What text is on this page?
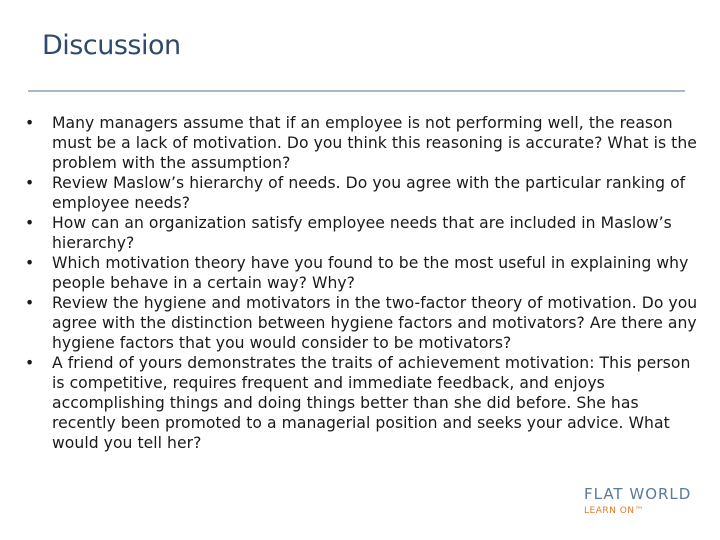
Discussion
• Many managers assume that if an employee is not performing well, the reason must be a lack of motivation. Do you think this reasoning is accurate? What is the problem with the assumption?
• Review Maslow’s hierarchy of needs. Do you agree with the particular ranking of employee needs?
• How can an organization satisfy employee needs that are included in Maslow’s hierarchy?
• Which motivation theory have you found to be the most useful in explaining why people behave in a certain way? Why?
• Review the hygiene and motivators in the two-factor theory of motivation. Do you agree with the distinction between hygiene factors and motivators? Are there any hygiene factors that you would consider to be motivators?
• A friend of yours demonstrates the traits of achievement motivation: This person is competitive, requires frequent and immediate feedback, and enjoys accomplishing things and doing things better than she did before. She has recently been promoted to a managerial position and seeks your advice. What would you tell her?
FLAT WORLD
LEARN ON™
